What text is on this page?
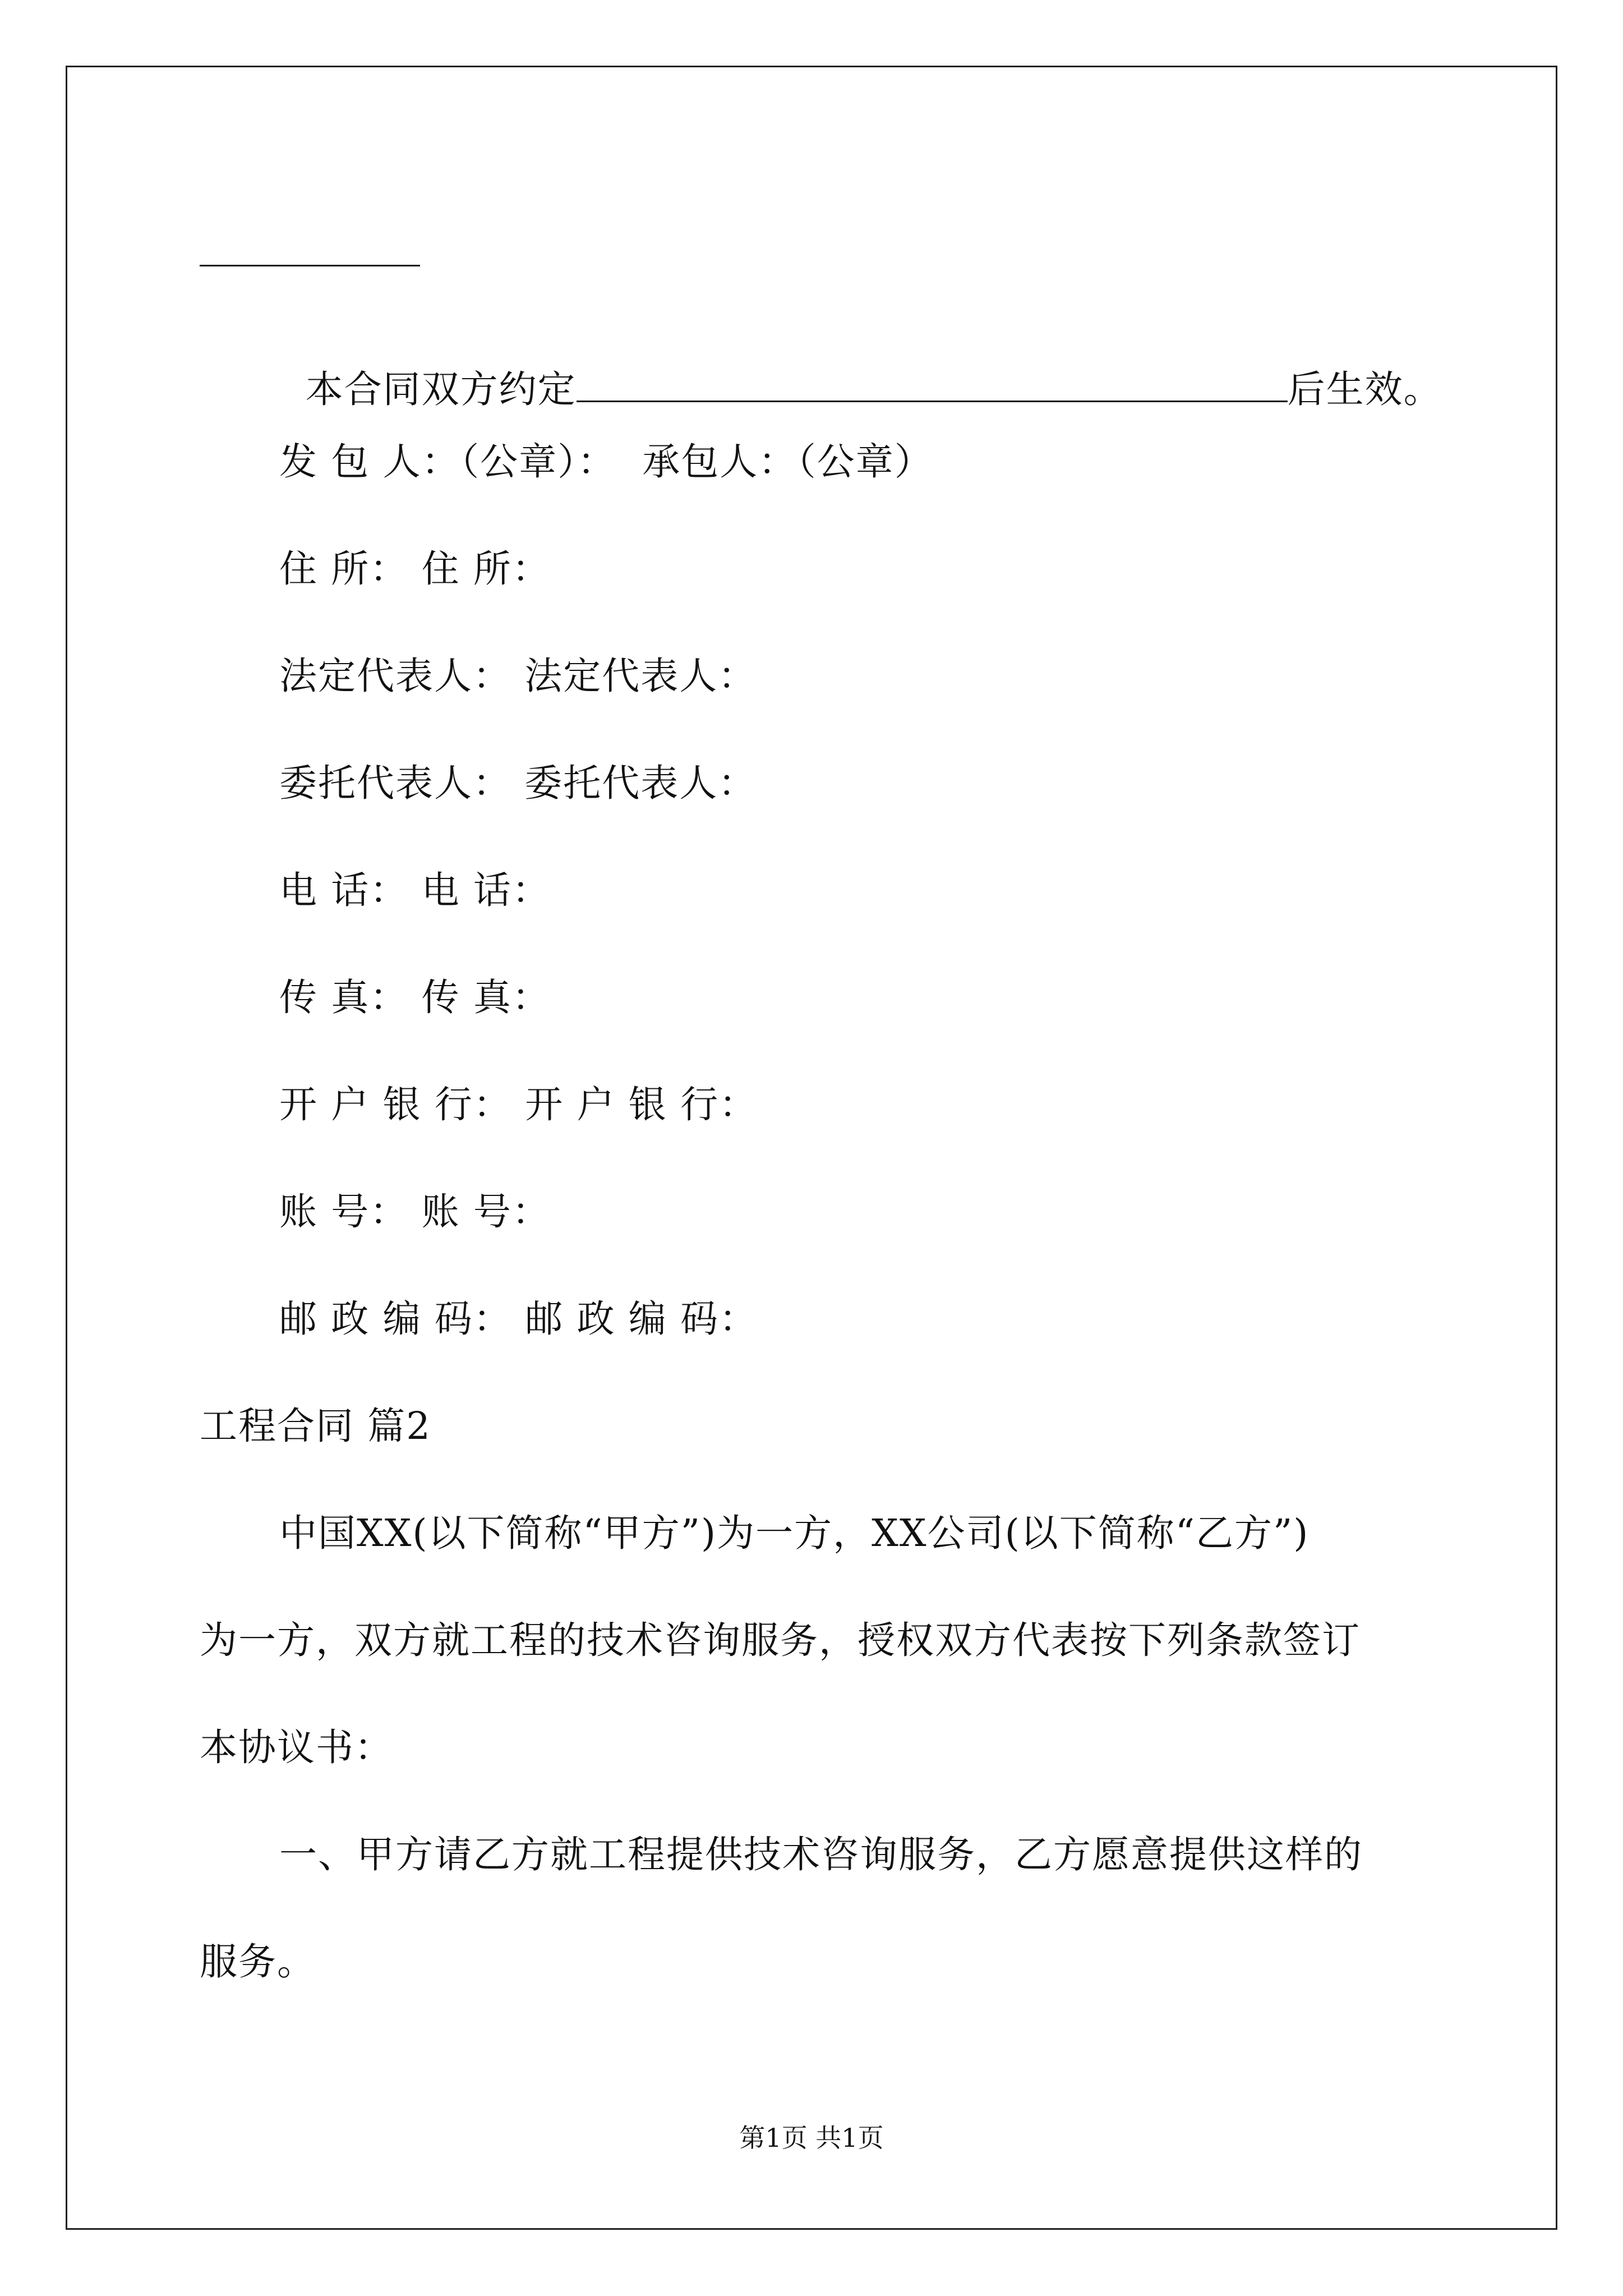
本合同双方约定	后生效。

发 包 人：（公章）：  承包人：（公章）
住 所： 住 所：
法定代表人： 法定代表人：
委托代表人： 委托代表人：
电 话： 电 话：
传 真： 传 真：
开 户 银 行： 开 户 银 行：
账 号： 账 号：
邮 政 编 码： 邮 政 编 码：
工程合同 篇2
中国XX(以下简称“甲方”)为一方，XX公司(以下简称“乙方”)
为一方，双方就工程的技术咨询服务，授权双方代表按下列条款签订
本协议书：
一、甲方请乙方就工程提供技术咨询服务，乙方愿意提供这样的
服务。
第1页 共1页
